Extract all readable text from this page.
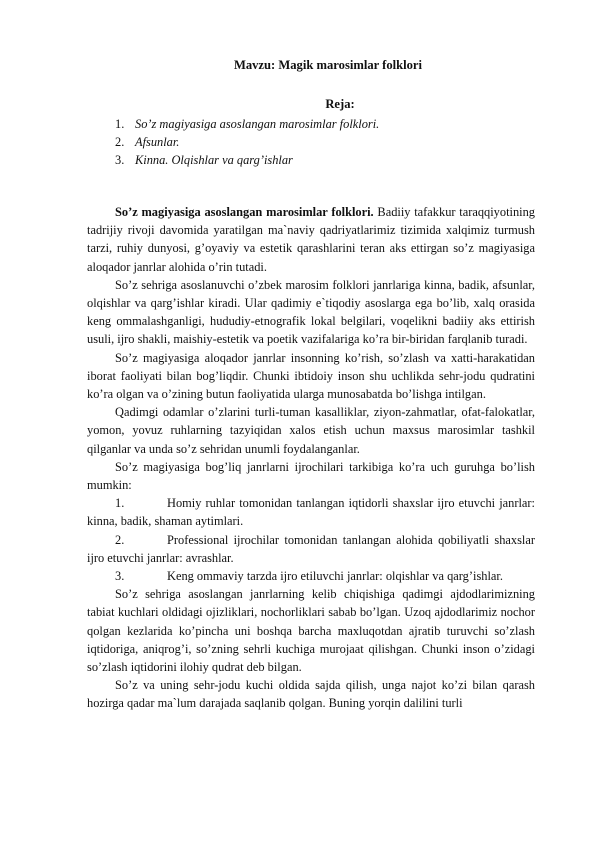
Mavzu: Magik marosimlar folklori
Reja:
1. So’z magiyasiga asoslangan marosimlar folklori.
2. Afsunlar.
3. Kinna. Olqishlar va qarg’ishlar

So’z magiyasiga asoslangan marosimlar folklori. Badiiy tafakkur taraqqiyotining tadrijiy rivoji davomida yaratilgan ma`naviy qadriyatlarimiz tizimida xalqimiz turmush tarzi, ruhiy dunyosi, g’oyaviy va estetik qarashlarini teran aks ettirgan so’z magiyasiga aloqador janrlar alohida o’rin tutadi.

So’z sehriga asoslanuvchi o’zbek marosim folklori janrlariga kinna, badik, afsunlar, olqishlar va qarg’ishlar kiradi. Ular qadimiy e`tiqodiy asoslarga ega bo’lib, xalq orasida keng ommalashganligi, hududiy-etnografik lokal belgilari, voqelikni badiiy aks ettirish usuli, ijro shakli, maishiy-estetik va poetik vazifalariga ko’ra bir-biridan farqlanib turadi.

So’z magiyasiga aloqador janrlar insonning ko’rish, so’zlash va xatti-harakatidan iborat faoliyati bilan bog’liqdir. Chunki ibtidoiy inson shu uchlikda sehr-jodu qudratini ko’ra olgan va o’zining butun faoliyatida ularga munosabatda bo’lishga intilgan.

Qadimgi odamlar o’zlarini turli-tuman kasalliklar, ziyon-zahmatlar, ofat-falokatlar, yomon, yovuz ruhlarning tazyiqidan xalos etish uchun maxsus marosimlar tashkil qilganlar va unda so’z sehridan unumli foydalanganlar.

So’z magiyasiga bog’liq janrlarni ijrochilari tarkibiga ko’ra uch guruhga bo’lish mumkin:

1.	Homiy ruhlar tomonidan tanlangan iqtidorli shaxslar ijro etuvchi janrlar: kinna, badik, shaman aytimlari.

2.	Professional ijrochilar tomonidan tanlangan alohida qobiliyatli shaxslar ijro etuvchi janrlar: avrashlar.

3.	Keng ommaviy tarzda ijro etiluvchi janrlar: olqishlar va qarg’ishlar.

So’z sehriga asoslangan janrlarning kelib chiqishiga qadimgi ajdodlarimizning tabiat kuchlari oldidagi ojizliklari, nochorliklari sabab bo’lgan. Uzoq ajdodlarimiz nochor qolgan kezlarida ko’pincha uni boshqa barcha maxluqotdan ajratib turuvchi so’zlash iqtidoriga, aniqrog’i, so’zning sehrli kuchiga murojaat qilishgan. Chunki inson o’zidagi so’zlash iqtidorini ilohiy qudrat deb bilgan.

So’z va uning sehr-jodu kuchi oldida sajda qilish, unga najot ko’zi bilan qarash hozirga qadar ma`lum darajada saqlanib qolgan. Buning yorqin dalilini turli
